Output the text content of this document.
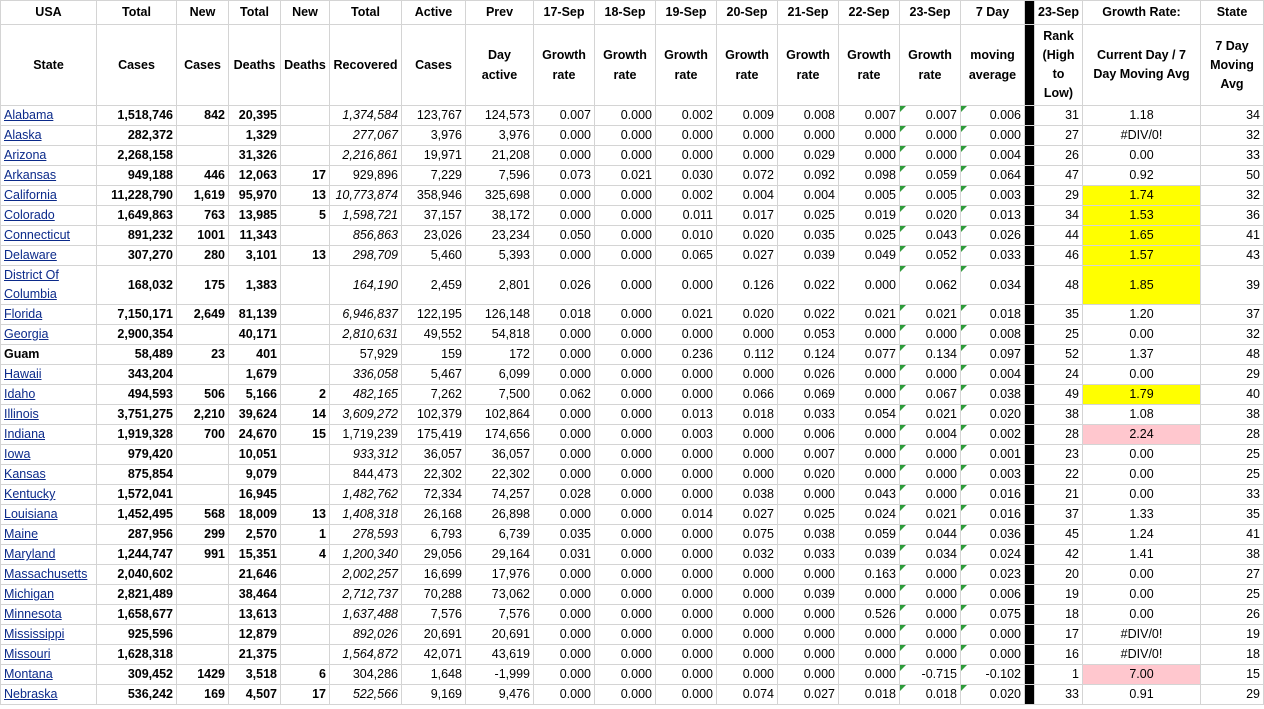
USA	Total	New	Total	New	Total	Active	Prev	17-Sep	18-Sep	19-Sep	20-Sep	21-Sep	22-Sep	23-Sep	7 Day		23-Sep	Growth Rate:	State
State	Cases	Cases	Deaths	Deaths	Recovered	Cases	Day active	Growth rate	Growth rate	Growth rate	Growth rate	Growth rate	Growth rate	Growth rate	moving average		Rank (High to Low)	Current Day / 7 Day Moving Avg	7 Day Moving Avg
Alabama	1,518,746	842	20,395		1,374,584	123,767	124,573	0.007	0.000	0.002	0.009	0.008	0.007	0.007	0.006		31	1.18	34
Alaska	282,372		1,329		277,067	3,976	3,976	0.000	0.000	0.000	0.000	0.000	0.000	0.000	0.000		27	#DIV/0!	32
Arizona	2,268,158		31,326		2,216,861	19,971	21,208	0.000	0.000	0.000	0.000	0.029	0.000	0.000	0.004		26	0.00	33
Arkansas	949,188	446	12,063	17	929,896	7,229	7,596	0.073	0.021	0.030	0.072	0.092	0.098	0.059	0.064		47	0.92	50
California	11,228,790	1,619	95,970	13	10,773,874	358,946	325,698	0.000	0.000	0.002	0.004	0.004	0.005	0.005	0.003		29	1.74	32
Colorado	1,649,863	763	13,985	5	1,598,721	37,157	38,172	0.000	0.000	0.011	0.017	0.025	0.019	0.020	0.013		34	1.53	36
Connecticut	891,232	1001	11,343		856,863	23,026	23,234	0.050	0.000	0.010	0.020	0.035	0.025	0.043	0.026		44	1.65	41
Delaware	307,270	280	3,101	13	298,709	5,460	5,393	0.000	0.000	0.065	0.027	0.039	0.049	0.052	0.033		46	1.57	43
District Of Columbia	168,032	175	1,383		164,190	2,459	2,801	0.026	0.000	0.000	0.126	0.022	0.000	0.062	0.034		48	1.85	39
Florida	7,150,171	2,649	81,139		6,946,837	122,195	126,148	0.018	0.000	0.021	0.020	0.022	0.021	0.021	0.018		35	1.20	37
Georgia	2,900,354		40,171		2,810,631	49,552	54,818	0.000	0.000	0.000	0.000	0.053	0.000	0.000	0.008		25	0.00	32
Guam	58,489	23	401		57,929	159	172	0.000	0.000	0.236	0.112	0.124	0.077	0.134	0.097		52	1.37	48
Hawaii	343,204		1,679		336,058	5,467	6,099	0.000	0.000	0.000	0.000	0.026	0.000	0.000	0.004		24	0.00	29
Idaho	494,593	506	5,166	2	482,165	7,262	7,500	0.062	0.000	0.000	0.066	0.069	0.000	0.067	0.038		49	1.79	40
Illinois	3,751,275	2,210	39,624	14	3,609,272	102,379	102,864	0.000	0.000	0.013	0.018	0.033	0.054	0.021	0.020		38	1.08	38
Indiana	1,919,328	700	24,670	15	1,719,239	175,419	174,656	0.000	0.000	0.003	0.000	0.006	0.000	0.004	0.002		28	2.24	28
Iowa	979,420		10,051		933,312	36,057	36,057	0.000	0.000	0.000	0.000	0.007	0.000	0.000	0.001		23	0.00	25
Kansas	875,854		9,079		844,473	22,302	22,302	0.000	0.000	0.000	0.000	0.020	0.000	0.000	0.003		22	0.00	25
Kentucky	1,572,041		16,945		1,482,762	72,334	74,257	0.028	0.000	0.000	0.038	0.000	0.043	0.000	0.016		21	0.00	33
Louisiana	1,452,495	568	18,009	13	1,408,318	26,168	26,898	0.000	0.000	0.014	0.027	0.025	0.024	0.021	0.016		37	1.33	35
Maine	287,956	299	2,570	1	278,593	6,793	6,739	0.035	0.000	0.000	0.075	0.038	0.059	0.044	0.036		45	1.24	41
Maryland	1,244,747	991	15,351	4	1,200,340	29,056	29,164	0.031	0.000	0.000	0.032	0.033	0.039	0.034	0.024		42	1.41	38
Massachusetts	2,040,602		21,646		2,002,257	16,699	17,976	0.000	0.000	0.000	0.000	0.000	0.163	0.000	0.023		20	0.00	27
Michigan	2,821,489		38,464		2,712,737	70,288	73,062	0.000	0.000	0.000	0.000	0.039	0.000	0.000	0.006		19	0.00	25
Minnesota	1,658,677		13,613		1,637,488	7,576	7,576	0.000	0.000	0.000	0.000	0.000	0.526	0.000	0.075		18	0.00	26
Mississippi	925,596		12,879		892,026	20,691	20,691	0.000	0.000	0.000	0.000	0.000	0.000	0.000	0.000		17	#DIV/0!	19
Missouri	1,628,318		21,375		1,564,872	42,071	43,619	0.000	0.000	0.000	0.000	0.000	0.000	0.000	0.000		16	#DIV/0!	18
Montana	309,452	1429	3,518	6	304,286	1,648	-1,999	0.000	0.000	0.000	0.000	0.000	0.000	-0.715	-0.102		1	7.00	15
Nebraska	536,242	169	4,507	17	522,566	9,169	9,476	0.000	0.000	0.000	0.074	0.027	0.018	0.018	0.020		33	0.91	29
